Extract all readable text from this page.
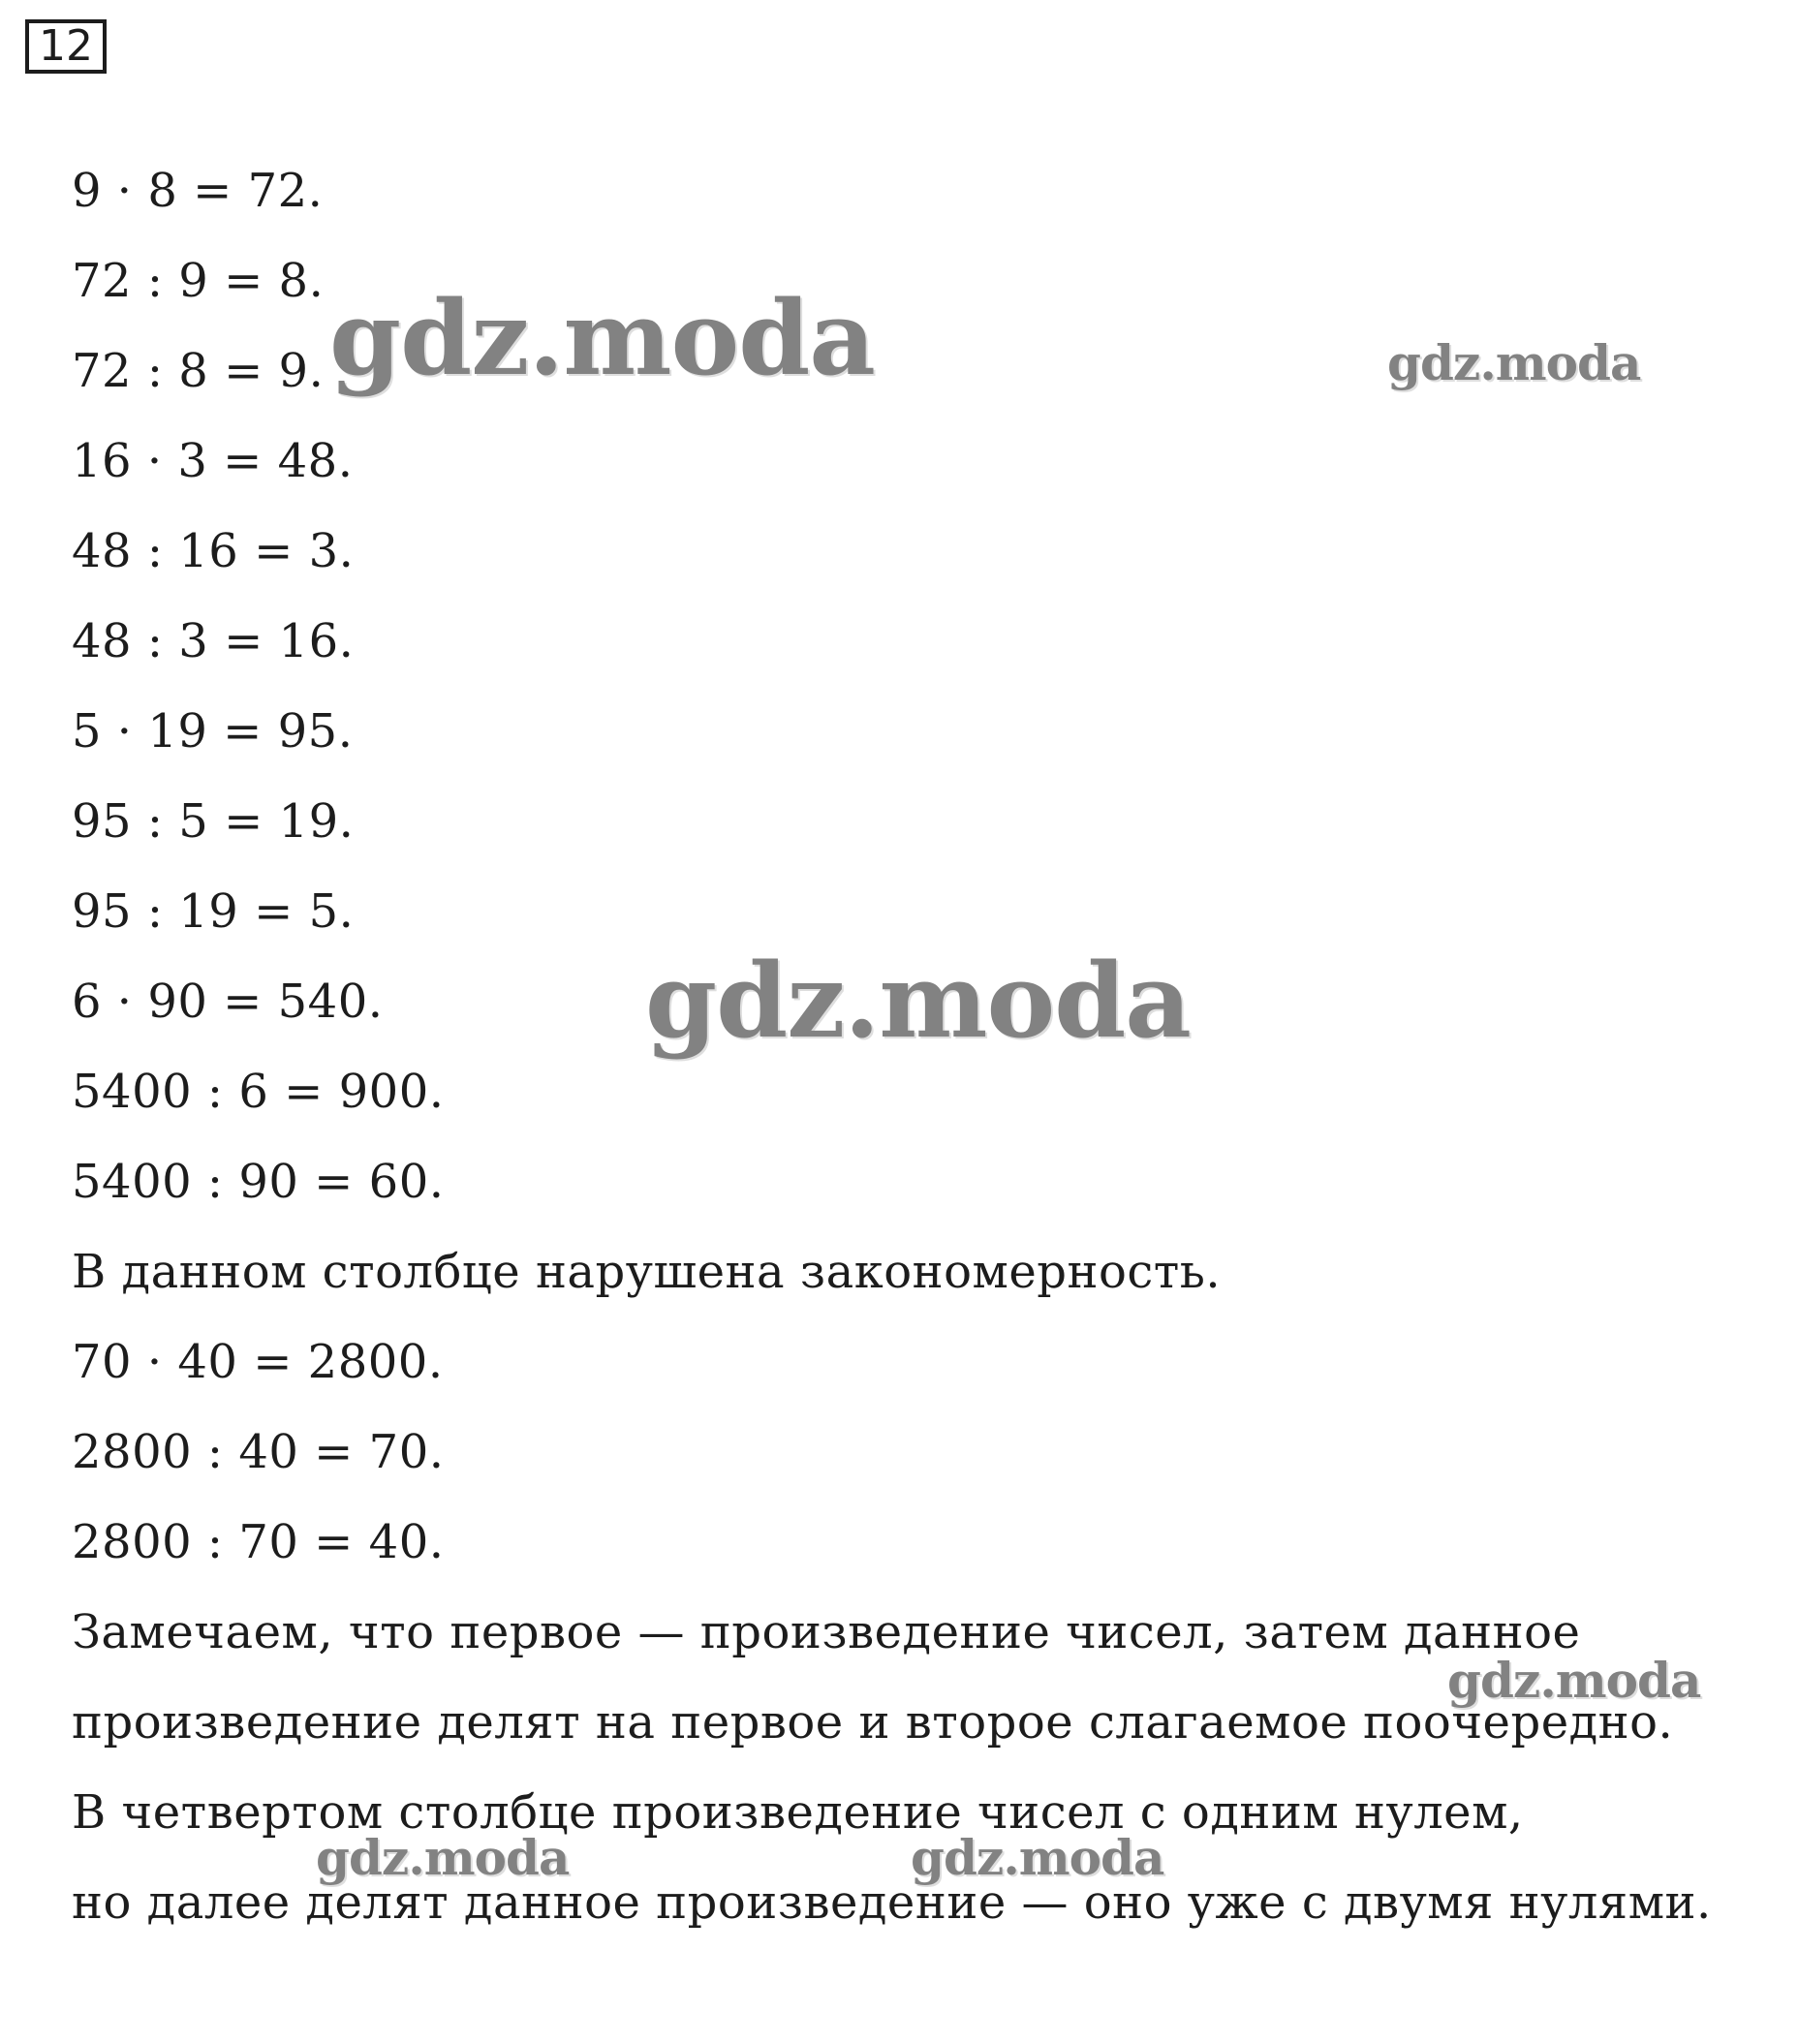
12
9 · 8 = 72.
72 : 9 = 8.
72 : 8 = 9.
16 · 3 = 48.
48 : 16 = 3.
48 : 3 = 16.
5 · 19 = 95.
95 : 5 = 19.
95 : 19 = 5.
6 · 90 = 540.
5400 : 6 = 900.
5400 : 90 = 60.
В данном столбце нарушена закономерность.
70 · 40 = 2800.
2800 : 40 = 70.
2800 : 70 = 40.
Замечаем, что первое — произведение чисел, затем данное
произведение делят на первое и второе слагаемое поочередно.
В четвертом столбце произведение чисел с одним нулем,
но далее делят данное произведение — оно уже с двумя нулями.
gdz.moda	gdz.moda
gdz.moda
gdz.moda
gdz.moda	gdz.moda
